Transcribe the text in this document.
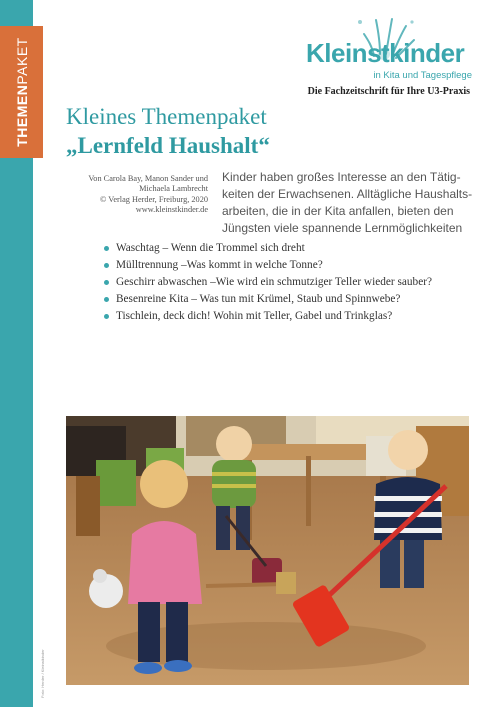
THEMEN
PAKET
Foto: Herder / Kleinstkinder
Kleinstkinder
in Kita und Tagespflege
Die Fachzeitschrift für Ihre U3-Praxis
Kleines Themenpaket
„Lernfeld Haushalt“
Von Carola Bay, Manon Sander und
Michaela Lambrecht
© Verlag Herder, Freiburg, 2020
www.kleinstkinder.de
Kinder haben großes Interesse an den Tätig-
keiten der Erwachsenen. Alltägliche Haushalts-
arbeiten, die in der Kita anfallen, bieten den
Jüngsten viele spannende Lernmöglichkeiten
Waschtag – Wenn die Trommel sich dreht
Mülltrennung –Was kommt in welche Tonne?
Geschirr abwaschen –Wie wird ein schmutziger Teller wieder sauber?
Besenreine Kita – Was tun mit Krümel, Staub und Spinnwebe?
Tischlein, deck dich! Wohin mit Teller, Gabel und Trinkglas?
